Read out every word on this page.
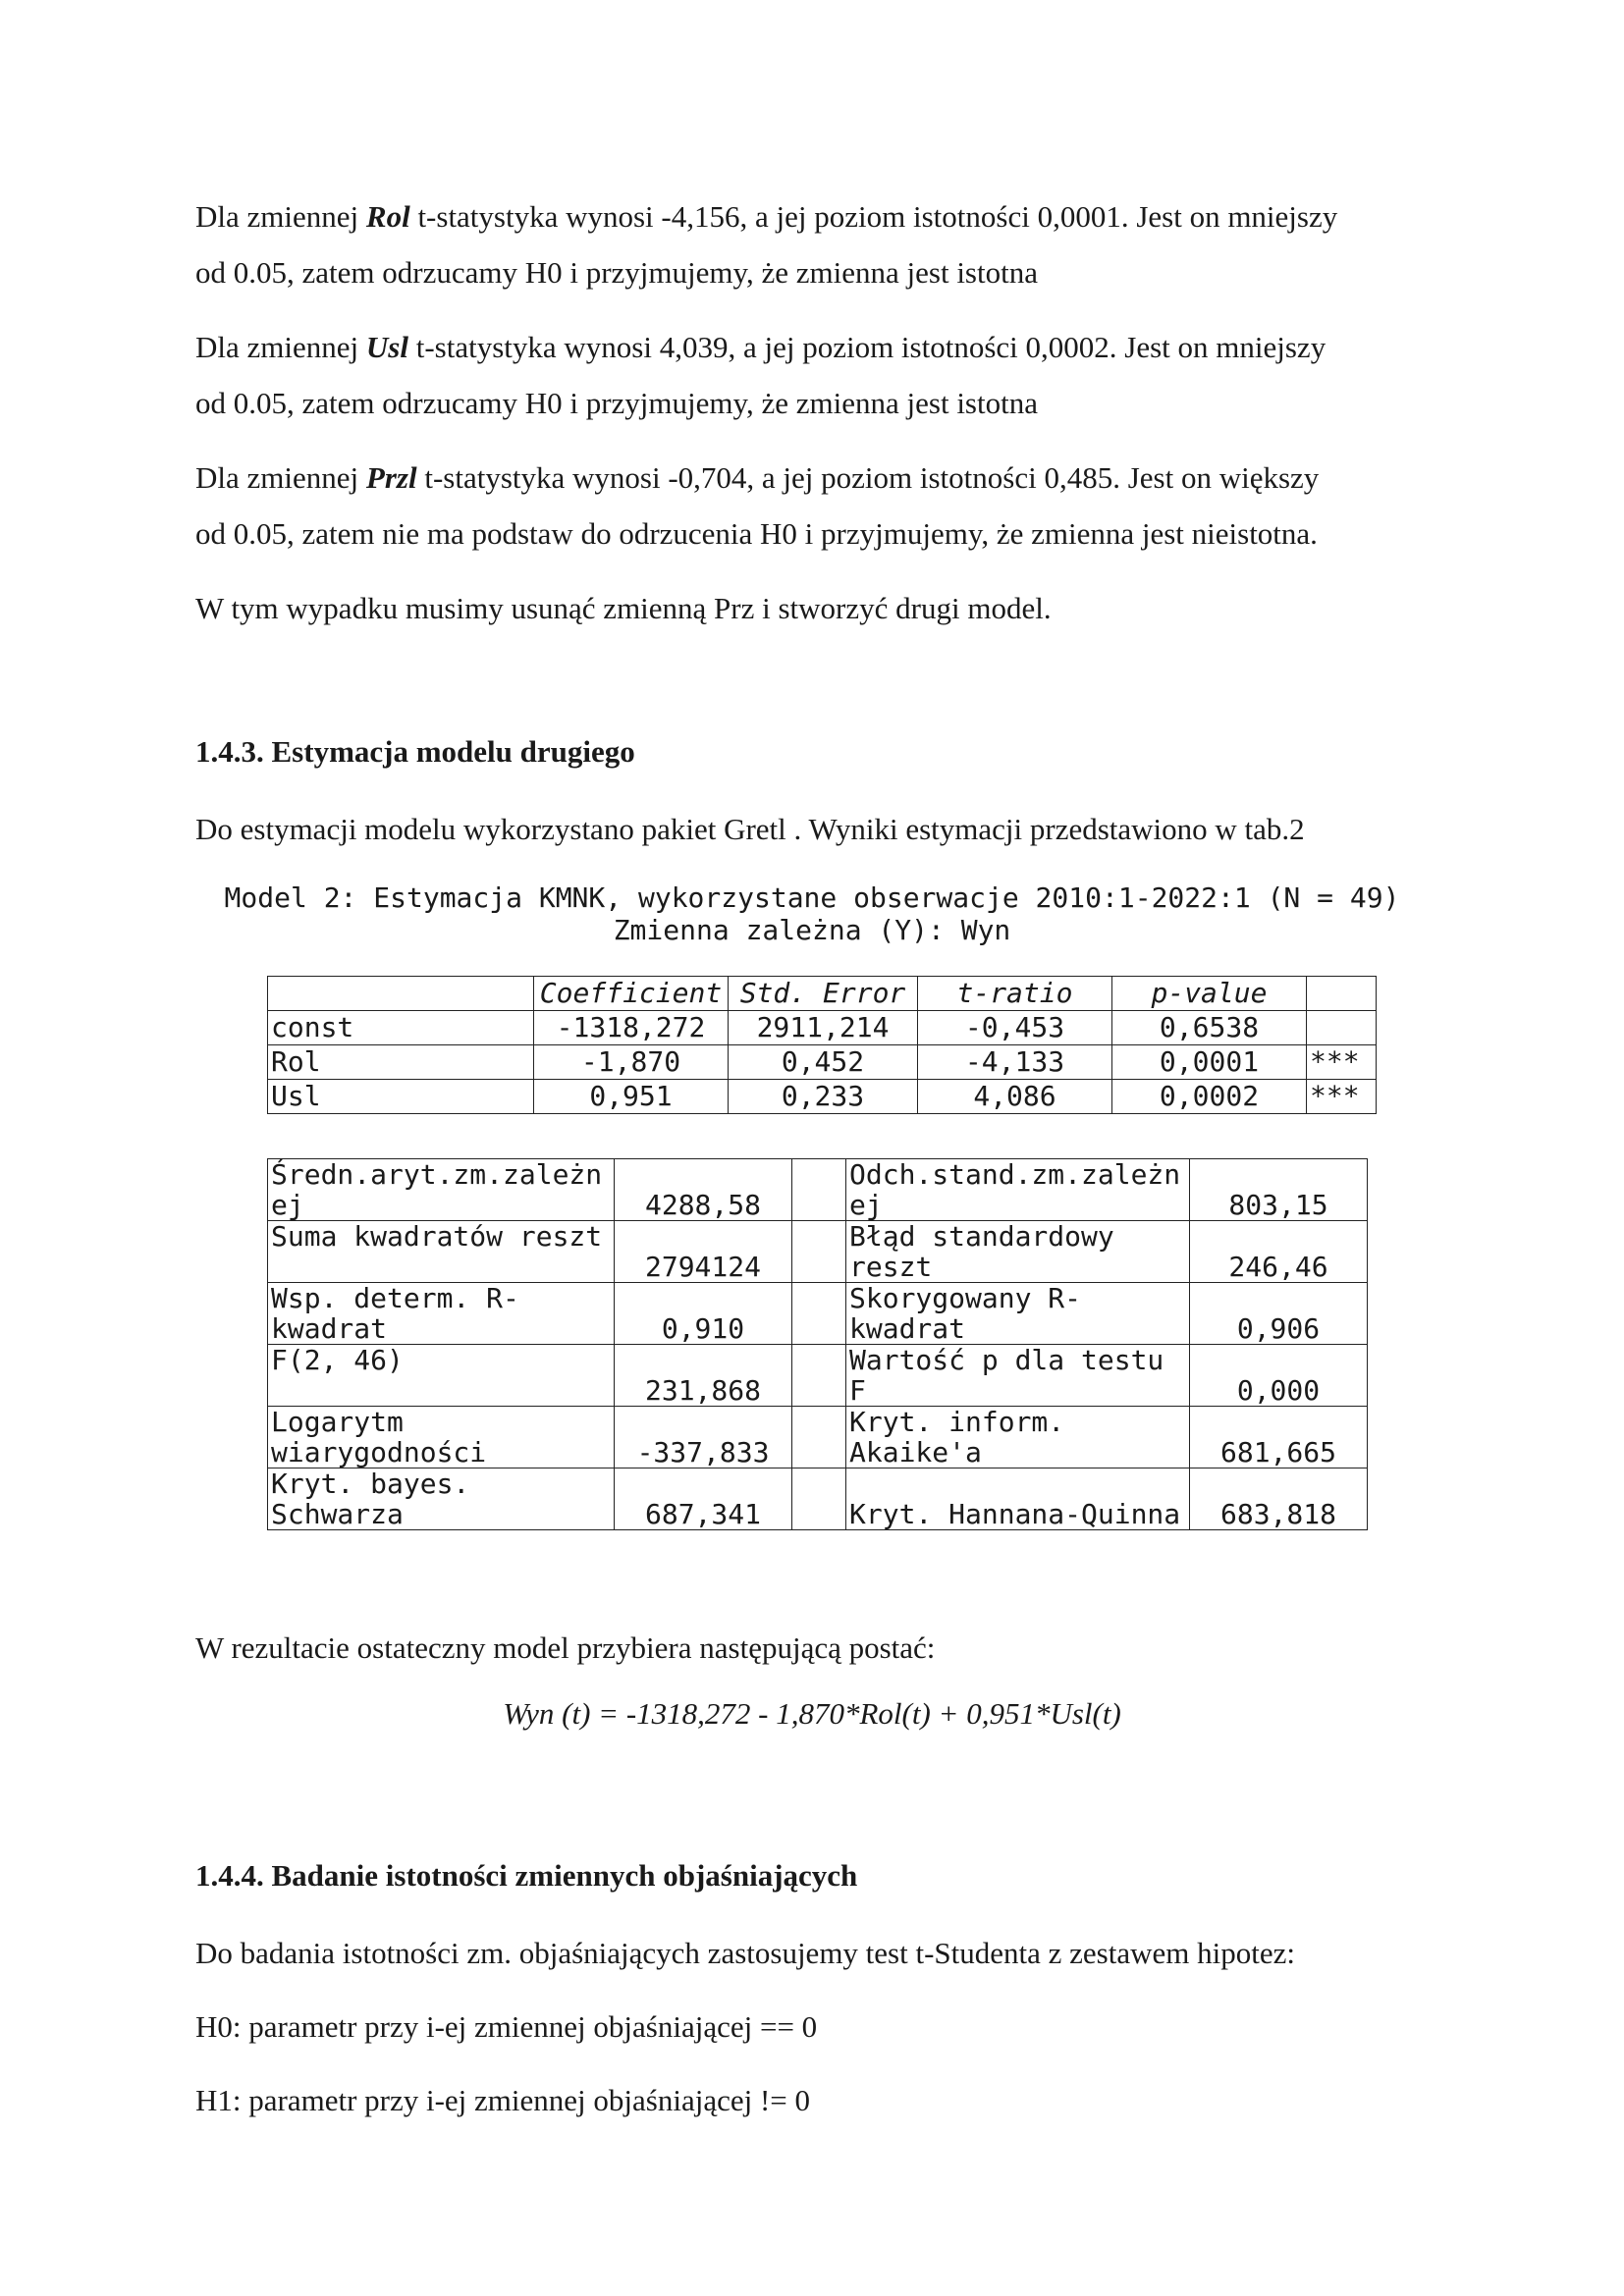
Dla zmiennej Rol t-statystyka wynosi -4,156, a jej poziom istotności 0,0001. Jest on mniejszy
od 0.05, zatem odrzucamy H0 i przyjmujemy, że zmienna jest istotna

Dla zmiennej Usl t-statystyka wynosi 4,039, a jej poziom istotności 0,0002. Jest on mniejszy
od 0.05, zatem odrzucamy H0 i przyjmujemy, że zmienna jest istotna

Dla zmiennej Przl t-statystyka wynosi -0,704, a jej poziom istotności 0,485. Jest on większy
od 0.05, zatem nie ma podstaw do odrzucenia H0 i przyjmujemy, że zmienna jest nieistotna.

W tym wypadku musimy usunąć zmienną Prz i stworzyć drugi model.

1.4.3. Estymacja modelu drugiego

Do estymacji modelu wykorzystano pakiet Gretl . Wyniki estymacji przedstawiono w tab.2

Model 2: Estymacja KMNK, wykorzystane obserwacje 2010:1-2022:1 (N = 49)

Zmienna zależna (Y): Wyn

	Coefficient	Std. Error	t-ratio	p-value	
const	-1318,272	2911,214	-0,453	0,6538	
Rol	-1,870	0,452	-4,133	0,0001	***
Usl	0,951	0,233	4,086	0,0002	***
Średn.aryt.zm.zależn ej	4288,58		Odch.stand.zm.zależn ej	803,15
Suma kwadratów reszt	2794124		Błąd standardowy reszt	246,46
Wsp. determ. R-kwadrat	0,910		Skorygowany R-kwadrat	0,906
F(2, 46)	231,868		Wartość p dla testu F	0,000
Logarytm wiarygodności	-337,833		Kryt. inform. Akaike'a	681,665
Kryt. bayes. Schwarza	687,341		Kryt. Hannana-Quinna	683,818

W rezultacie ostateczny model przybiera następującą postać:

Wyn (t) = -1318,272 - 1,870*Rol(t) + 0,951*Usl(t)

1.4.4. Badanie istotności zmiennych objaśniających

Do badania istotności zm. objaśniających zastosujemy test t-Studenta z zestawem hipotez:

H0: parametr przy i-ej zmiennej objaśniającej == 0

H1: parametr przy i-ej zmiennej objaśniającej != 0
